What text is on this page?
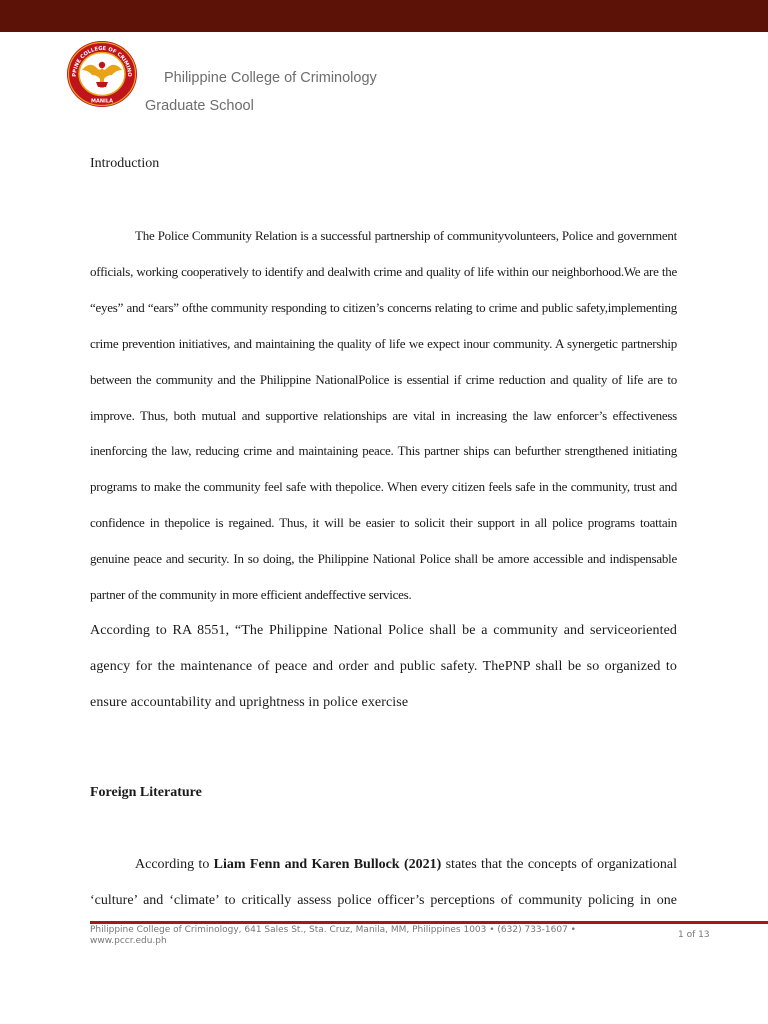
PPINE COLLEGE OF CRIMINO
MANILA
Philippine College of Criminology
Graduate School
Introduction

The Police Community Relation is a successful partnership of communityvolunteers, Police and government officials, working cooperatively to identify and dealwith crime and quality of life within our neighborhood.We are the “eyes” and “ears” ofthe community responding to citizen’s concerns relating to crime and public safety,implementing crime prevention initiatives, and maintaining the quality of life we expect inour community. A synergetic partnership between the community and the Philippine NationalPolice is essential if crime reduction and quality of life are to improve. Thus, both mutual and supportive relationships are vital in increasing the law enforcer’s effectiveness inenforcing the law, reducing crime and maintaining peace. This partner ships can befurther strengthened initiating programs to make the community feel safe with thepolice. When every citizen feels safe in the community, trust and confidence in thepolice is regained. Thus, it will be easier to solicit their support in all police programs toattain genuine peace and security. In so doing, the Philippine National Police shall be amore accessible and indispensable partner of the community in more efficient andeffective services.

According to RA 8551, “The Philippine National Police shall be a community and serviceoriented agency for the maintenance of peace and order and public safety. ThePNP shall be so organized to ensure accountability and uprightness in police exercise

Foreign Literature

According to Liam Fenn and Karen Bullock (2021) states that the concepts of organizational ‘culture’ and ‘climate’ to critically assess police officer’s perceptions of community policing in one

Philippine College of Criminology, 641 Sales St., Sta. Cruz, Manila, MM, Philippines 1003 • (632) 733-1607 • www.pccr.edu.ph
1 of 13
